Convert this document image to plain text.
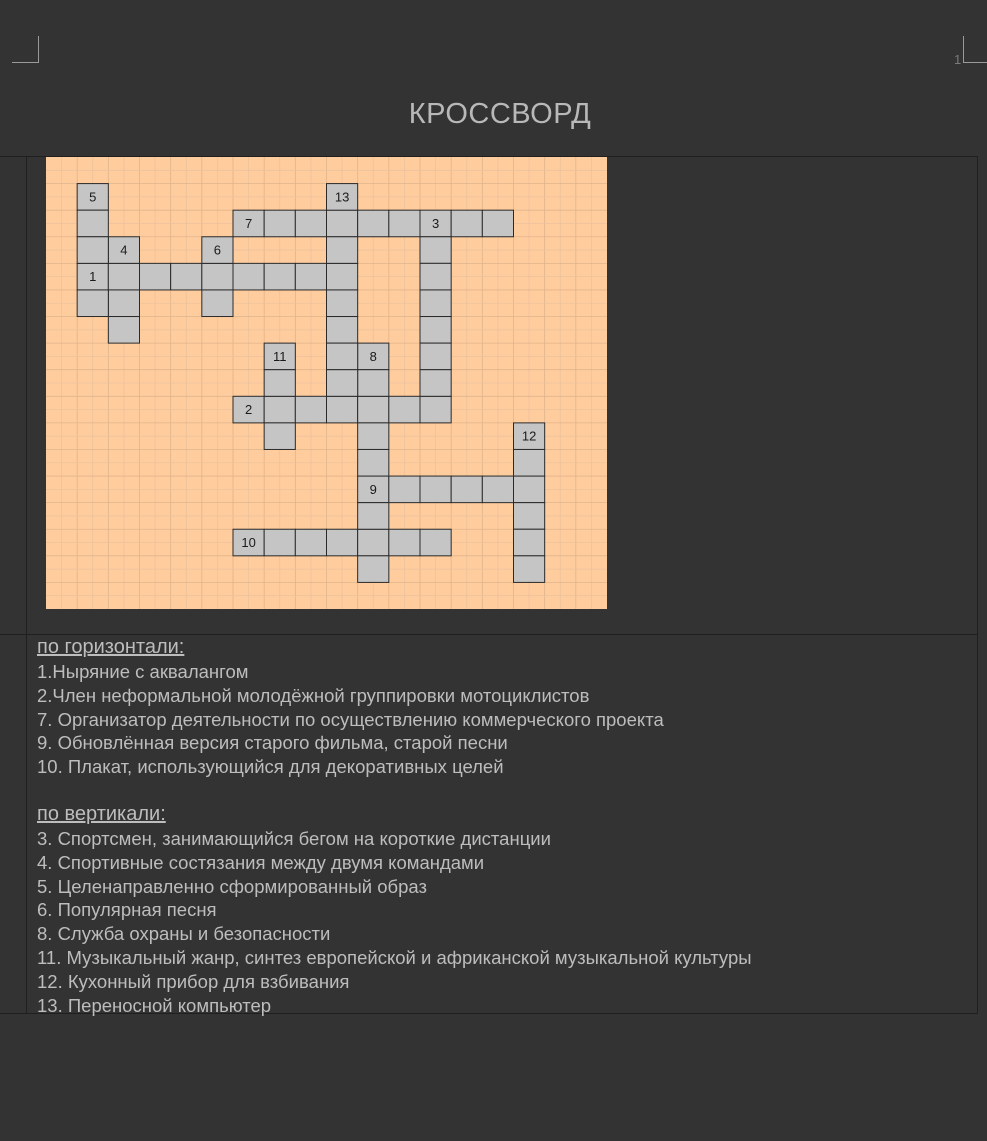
1
КРОССВОРД
1
2
7
9
10
3
4
5
6
8
11
12
13
по горизонтали:
1.Ныряние с аквалангом
2.Член неформальной молодёжной группировки мотоциклистов
7. Организатор деятельности по осуществлению коммерческого проекта
9. Обновлённая версия старого фильма, старой песни
10. Плакат, использующийся для декоративных целей
по вертикали:
3. Спортсмен, занимающийся бегом на короткие дистанции
4. Спортивные состязания между двумя командами
5. Целенаправленно сформированный образ
6. Популярная песня
8. Служба охраны и безопасности
11. Музыкальный жанр, синтез европейской и африканской музыкальной культуры
12. Кухонный прибор для взбивания
13. Переносной компьютер
